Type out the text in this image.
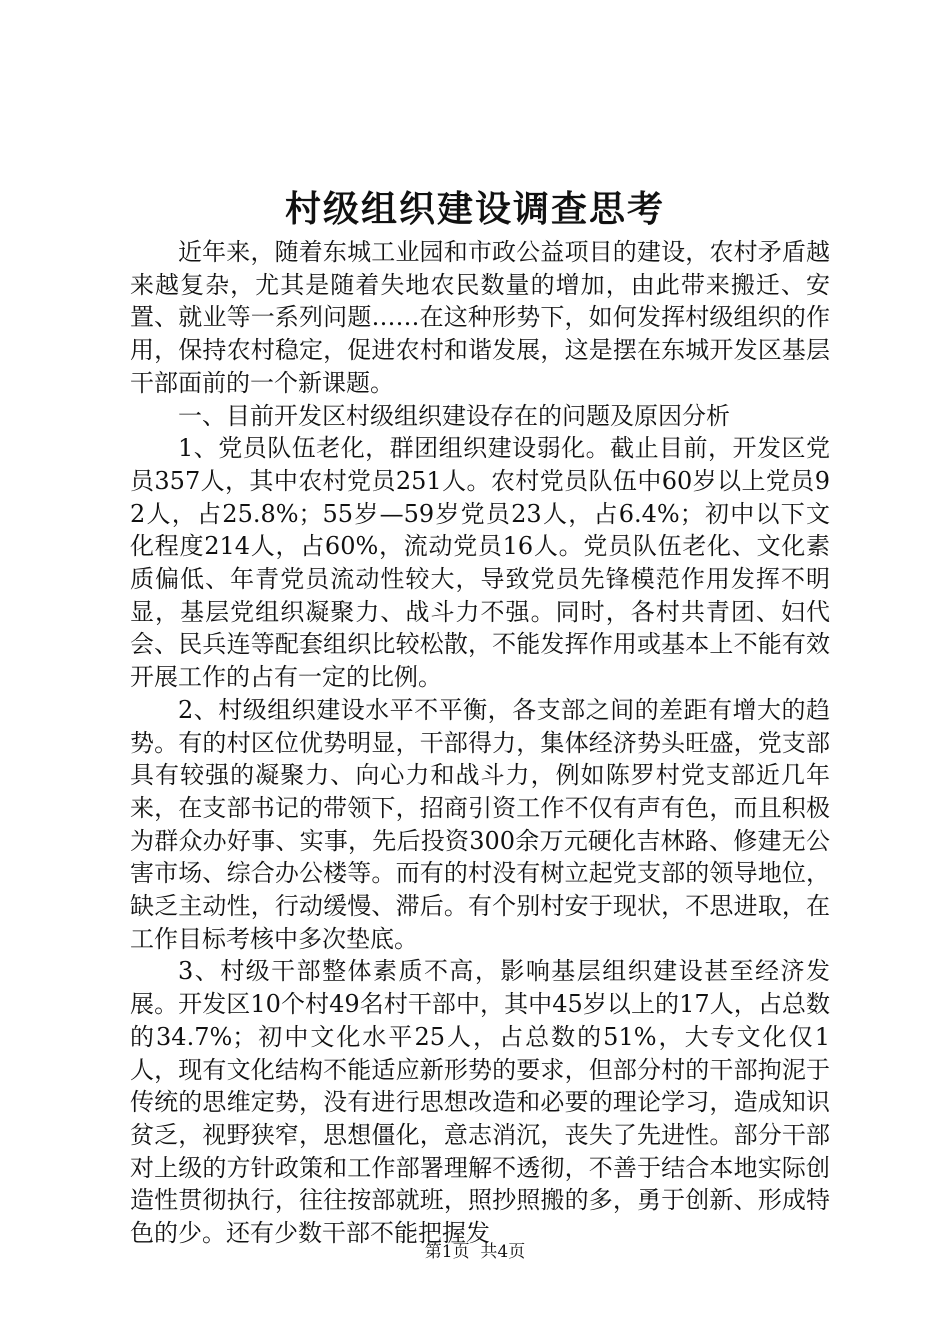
村级组织建设调查思考

近年来，随着东城工业园和市政公益项目的建设，农村矛盾越来越复杂，尤其是随着失地农民数量的增加，由此带来搬迁、安置、就业等一系列问题……在这种形势下，如何发挥村级组织的作用，保持农村稳定，促进农村和谐发展，这是摆在东城开发区基层干部面前的一个新课题。

一、目前开发区村级组织建设存在的问题及原因分析

1、党员队伍老化，群团组织建设弱化。截止目前，开发区党员357人，其中农村党员251人。农村党员队伍中60岁以上党员92人，占25.8%；55岁—59岁党员23人，占6.4%；初中以下文化程度214人，占60%，流动党员16人。党员队伍老化、文化素质偏低、年青党员流动性较大，导致党员先锋模范作用发挥不明显，基层党组织凝聚力、战斗力不强。同时，各村共青团、妇代会、民兵连等配套组织比较松散，不能发挥作用或基本上不能有效开展工作的占有一定的比例。

2、村级组织建设水平不平衡，各支部之间的差距有增大的趋势。有的村区位优势明显，干部得力，集体经济势头旺盛，党支部具有较强的凝聚力、向心力和战斗力，例如陈罗村党支部近几年来，在支部书记的带领下，招商引资工作不仅有声有色，而且积极为群众办好事、实事，先后投资300余万元硬化吉林路、修建无公害市场、综合办公楼等。而有的村没有树立起党支部的领导地位，缺乏主动性，行动缓慢、滞后。有个别村安于现状，不思进取，在工作目标考核中多次垫底。

3、村级干部整体素质不高，影响基层组织建设甚至经济发展。开发区10个村49名村干部中，其中45岁以上的17人，占总数的34.7%；初中文化水平25人，占总数的51%，大专文化仅1人，现有文化结构不能适应新形势的要求，但部分村的干部拘泥于传统的思维定势，没有进行思想改造和必要的理论学习，造成知识贫乏，视野狭窄，思想僵化，意志消沉，丧失了先进性。部分干部对上级的方针政策和工作部署理解不透彻，不善于结合本地实际创造性贯彻执行，往往按部就班，照抄照搬的多，勇于创新、形成特色的少。还有少数干部不能把握发

第1页 共4页
